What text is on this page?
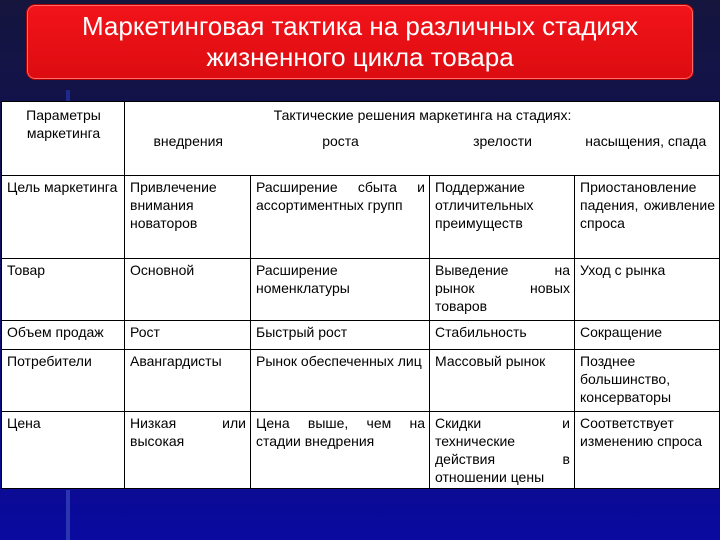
Маркетинговая тактика на различных стадиях
жизненного цикла товара
Параметры маркетинга	Тактические решения маркетинга на стадиях:			
	внедрения	роста	зрелости	насыщения, спада
Цель маркетинга	Привлечение внимания новаторов	Расширение сбыта и ассортиментных групп	Поддержание отличительных преимуществ	Приостановление падения, оживление спроса
Товар	Основной	Расширение номенклатуры	Выведение на рынок новых товаров	Уход с рынка
Объем продаж	Рост	Быстрый рост	Стабильность	Сокращение
Потребители	Авангардисты	Рынок обеспеченных лиц	Массовый рынок	Позднее большинство, консерваторы
Цена	Низкая или высокая	Цена выше, чем на стадии внедрения	Скидки и технические действия в отношении цены	Соответствует изменению спроса
